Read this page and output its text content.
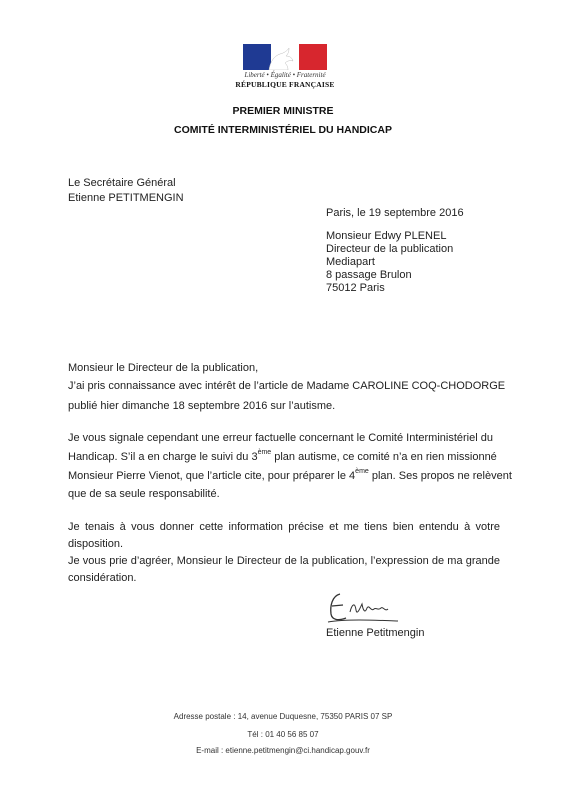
Liberté • Égalité • Fraternité
RÉPUBLIQUE FRANÇAISE
PREMIER MINISTRE
COMITÉ INTERMINISTÉRIEL DU HANDICAP
Le Secrétaire Général
Etienne PETITMENGIN
Paris, le 19 septembre 2016
Monsieur Edwy PLENEL
Directeur de la publication
Mediapart
8 passage Brulon
75012 Paris
Monsieur le Directeur de la publication,
J’ai pris connaissance avec intérêt de l’article de Madame CAROLINE COQ-CHODORGE
publié hier dimanche 18 septembre 2016 sur l’autisme.
Je vous signale cependant une erreur factuelle concernant le Comité Interministériel du
Handicap. S’il a en charge le suivi du 3ème plan autisme, ce comité n’a en rien missionné
Monsieur Pierre Vienot, que l’article cite, pour préparer le 4ème plan. Ses propos ne relèvent
que de sa seule responsabilité.
Je tenais à vous donner cette information précise et me tiens bien entendu à votre disposition.
Je vous prie d’agréer, Monsieur le Directeur de la publication, l’expression de ma grande considération.
Etienne Petitmengin
Adresse postale : 14, avenue Duquesne, 75350 PARIS 07 SP
Tél : 01 40 56 85 07
E-mail : etienne.petitmengin@ci.handicap.gouv.fr
